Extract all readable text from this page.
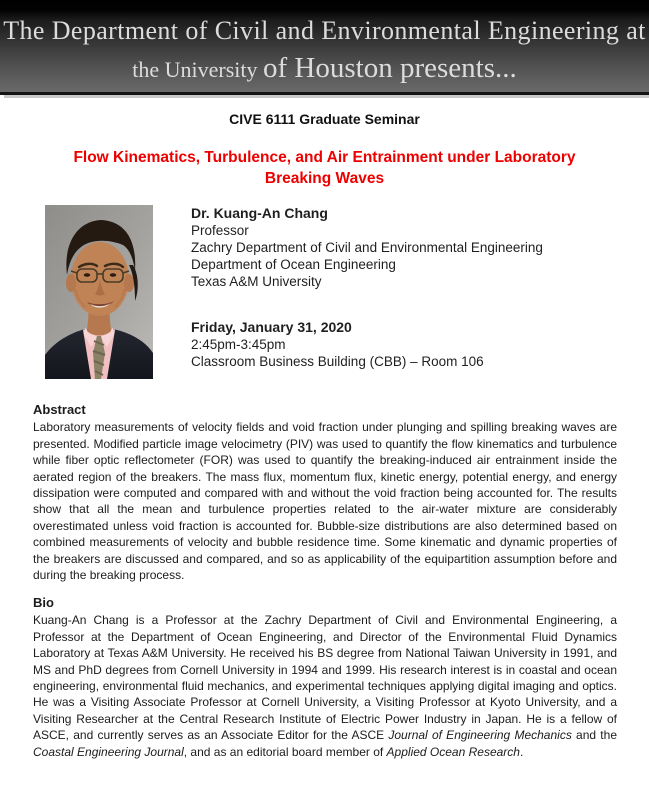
The Department of Civil and Environmental Engineering at
the University of Houston presents...
CIVE 6111 Graduate Seminar
Flow Kinematics, Turbulence, and Air Entrainment under Laboratory
Breaking Waves
Dr. Kuang-An Chang
Professor
Zachry Department of Civil and Environmental Engineering
Department of Ocean Engineering
Texas A&M University
Friday, January 31, 2020
2:45pm-3:45pm
Classroom Business Building (CBB) – Room 106
Abstract
Laboratory measurements of velocity fields and void fraction under plunging and spilling breaking waves are presented. Modified particle image velocimetry (PIV) was used to quantify the flow kinematics and turbulence while fiber optic reflectometer (FOR) was used to quantify the breaking-induced air entrainment inside the aerated region of the breakers. The mass flux, momentum flux, kinetic energy, potential energy, and energy dissipation were computed and compared with and without the void fraction being accounted for. The results show that all the mean and turbulence properties related to the air-water mixture are considerably overestimated unless void fraction is accounted for. Bubble-size distributions are also determined based on combined measurements of velocity and bubble residence time. Some kinematic and dynamic properties of the breakers are discussed and compared, and so as applicability of the equipartition assumption before and during the breaking process.
Bio
Kuang-An Chang is a Professor at the Zachry Department of Civil and Environmental Engineering, a Professor at the Department of Ocean Engineering, and Director of the Environmental Fluid Dynamics Laboratory at Texas A&M University. He received his BS degree from National Taiwan University in 1991, and MS and PhD degrees from Cornell University in 1994 and 1999. His research interest is in coastal and ocean engineering, environmental fluid mechanics, and experimental techniques applying digital imaging and optics. He was a Visiting Associate Professor at Cornell University, a Visiting Professor at Kyoto University, and a Visiting Researcher at the Central Research Institute of Electric Power Industry in Japan. He is a fellow of ASCE, and currently serves as an Associate Editor for the ASCE Journal of Engineering Mechanics and the Coastal Engineering Journal, and as an editorial board member of Applied Ocean Research.
